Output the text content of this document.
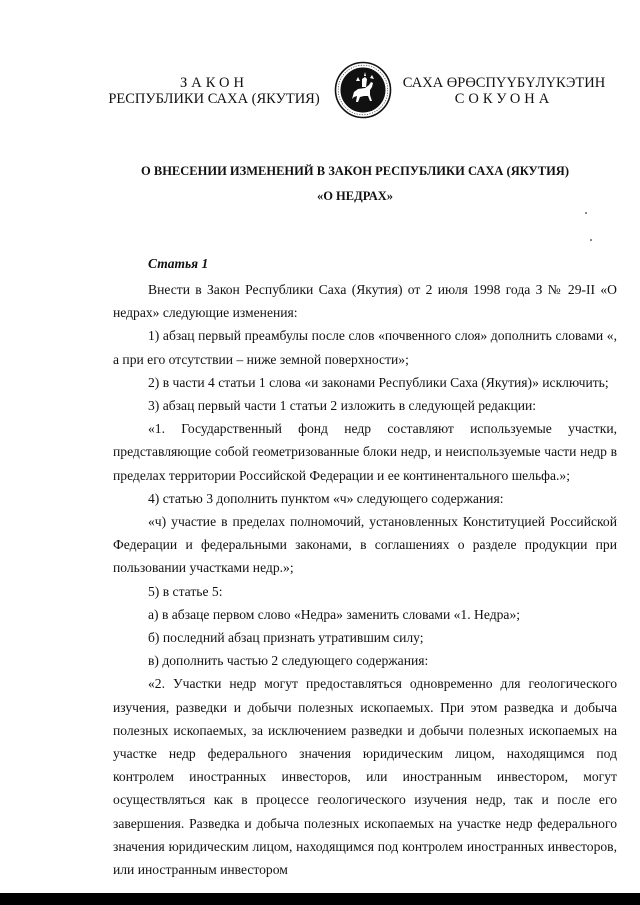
ЗАКОН
РЕСПУБЛИКИ САХА (ЯКУТИЯ)
САХА ӨРӨСПҮҮБҮЛҮКЭТИН
СОКУОНА
О ВНЕСЕНИИ ИЗМЕНЕНИЙ В ЗАКОН РЕСПУБЛИКИ САХА (ЯКУТИЯ)
«О НЕДРАХ»
Статья 1

Внести в Закон Республики Саха (Якутия) от 2 июля 1998 года З № 29-II «О недрах» следующие изменения:

1) абзац первый преамбулы после слов «почвенного слоя» дополнить словами «, а при его отсутствии – ниже земной поверхности»;

2) в части 4 статьи 1 слова «и законами Республики Саха (Якутия)» исключить;

3) абзац первый части 1 статьи 2 изложить в следующей редакции:

«1. Государственный фонд недр составляют используемые участки, представляющие собой геометризованные блоки недр, и неиспользуемые части недр в пределах территории Российской Федерации и ее континентального шельфа.»;

4) статью 3 дополнить пунктом «ч» следующего содержания:

«ч) участие в пределах полномочий, установленных Конституцией Российской Федерации и федеральными законами, в соглашениях о разделе продукции при пользовании участками недр.»;

5) в статье 5:

а) в абзаце первом слово «Недра» заменить словами «1. Недра»;

б) последний абзац признать утратившим силу;

в) дополнить частью 2 следующего содержания:

«2. Участки недр могут предоставляться одновременно для геологического изучения, разведки и добычи полезных ископаемых. При этом разведка и добыча полезных ископаемых, за исключением разведки и добычи полезных ископаемых на участке недр федерального значения юридическим лицом, находящимся под контролем иностранных инвесторов, или иностранным инвестором, могут осуществляться как в процессе геологического изучения недр, так и после его завершения. Разведка и добыча полезных ископаемых на участке недр федерального значения юридическим лицом, находящимся под контролем иностранных инвесторов, или иностранным инвестором
